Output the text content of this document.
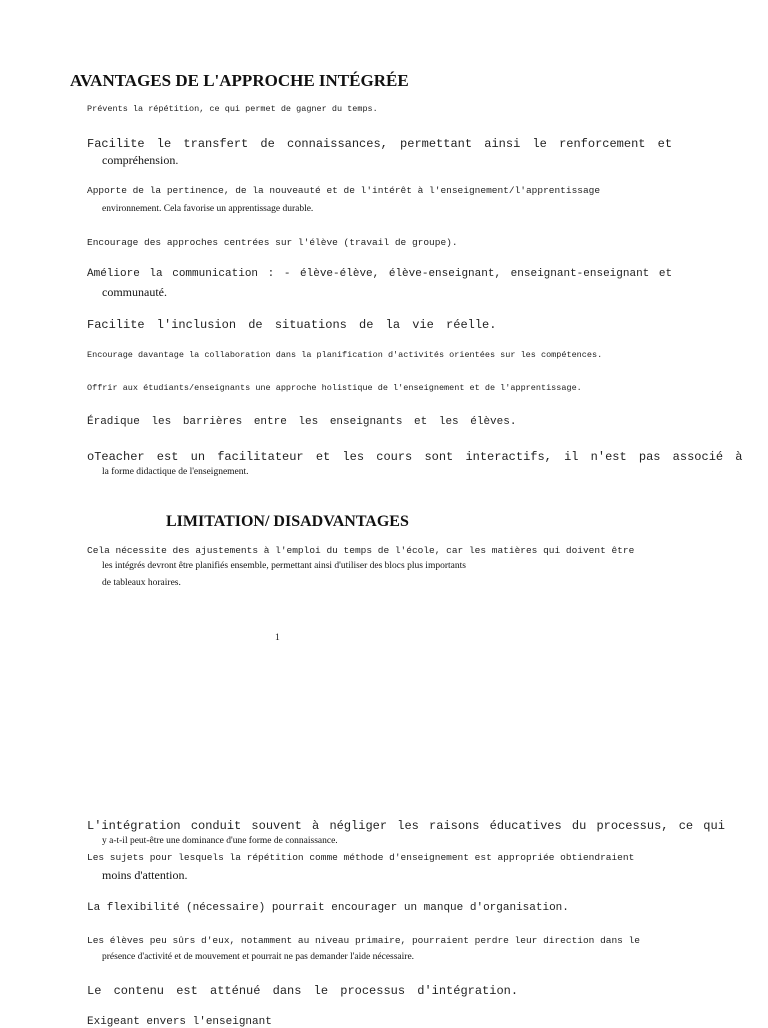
AVANTAGES DE L'APPROCHE INTÉGRÉE
Prévents la répétition, ce qui permet de gagner du temps.
Facilite le transfert de connaissances, permettant ainsi le renforcement et
compréhension.
Apporte de la pertinence, de la nouveauté et de l'intérêt à l'enseignement/l'apprentissage
environnement. Cela favorise un apprentissage durable.
Encourage des approches centrées sur l'élève (travail de groupe).
Améliore la communication : - élève-élève, élève-enseignant, enseignant-enseignant et
communauté.
Facilite l'inclusion de situations de la vie réelle.
Encourage davantage la collaboration dans la planification d'activités orientées sur les compétences.
Offrir aux étudiants/enseignants une approche holistique de l'enseignement et de l'apprentissage.
Éradique les barrières entre les enseignants et les élèves.
oTeacher est un facilitateur et les cours sont interactifs, il n'est pas associé à
la forme didactique de l'enseignement.
LIMITATION/ DISADVANTAGES
Cela nécessite des ajustements à l'emploi du temps de l'école, car les matières qui doivent être
les intégrés devront être planifiés ensemble, permettant ainsi d'utiliser des blocs plus importants
de tableaux horaires.
1
L'intégration conduit souvent à négliger les raisons éducatives du processus, ce qui
y a-t-il peut-être une dominance d'une forme de connaissance.
Les sujets pour lesquels la répétition comme méthode d'enseignement est appropriée obtiendraient
moins d'attention.
La flexibilité (nécessaire) pourrait encourager un manque d'organisation.
Les élèves peu sûrs d'eux, notamment au niveau primaire, pourraient perdre leur direction dans le
présence d'activité et de mouvement et pourrait ne pas demander l'aide nécessaire.
Le contenu est atténué dans le processus d'intégration.
Exigeant envers l'enseignant
